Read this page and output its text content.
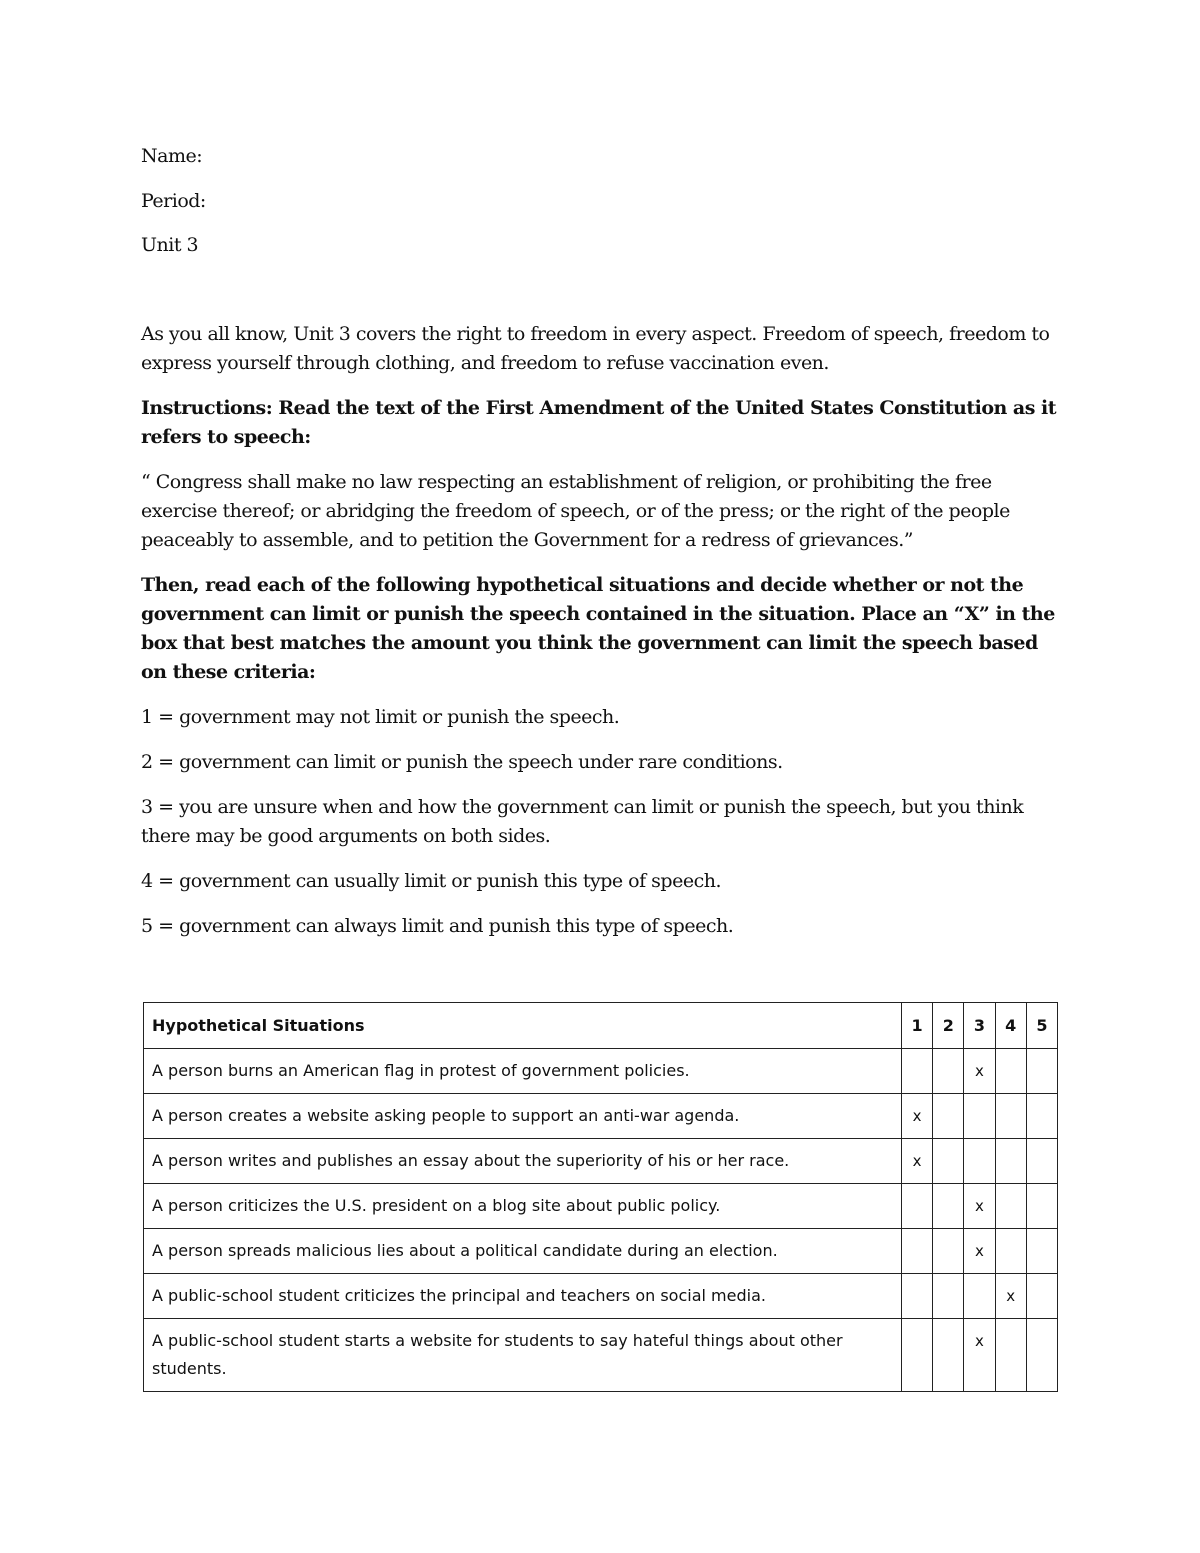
Name:

Period:

Unit 3

As you all know, Unit 3 covers the right to freedom in every aspect. Freedom of speech, freedom to express yourself through clothing, and freedom to refuse vaccination even.

Instructions: Read the text of the First Amendment of the United States Constitution as it refers to speech:

“ Congress shall make no law respecting an establishment of religion, or prohibiting the free exercise thereof; or abridging the freedom of speech, or of the press; or the right of the people peaceably to assemble, and to petition the Government for a redress of grievances.”

Then, read each of the following hypothetical situations and decide whether or not the government can limit or punish the speech contained in the situation. Place an “X” in the box that best matches the amount you think the government can limit the speech based on these criteria:

1 = government may not limit or punish the speech.

2 = government can limit or punish the speech under rare conditions.

3 = you are unsure when and how the government can limit or punish the speech, but you think there may be good arguments on both sides.

4 = government can usually limit or punish this type of speech.

5 = government can always limit and punish this type of speech.

Hypothetical Situations	1	2	3	4	5
A person burns an American flag in protest of government policies.			x		
A person creates a website asking people to support an anti-war agenda.	x				
A person writes and publishes an essay about the superiority of his or her race.	x				
A person criticizes the U.S. president on a blog site about public policy.			x		
A person spreads malicious lies about a political candidate during an election.			x		
A public-school student criticizes the principal and teachers on social media.				x	
A public-school student starts a website for students to say hateful things about other students.			x		
